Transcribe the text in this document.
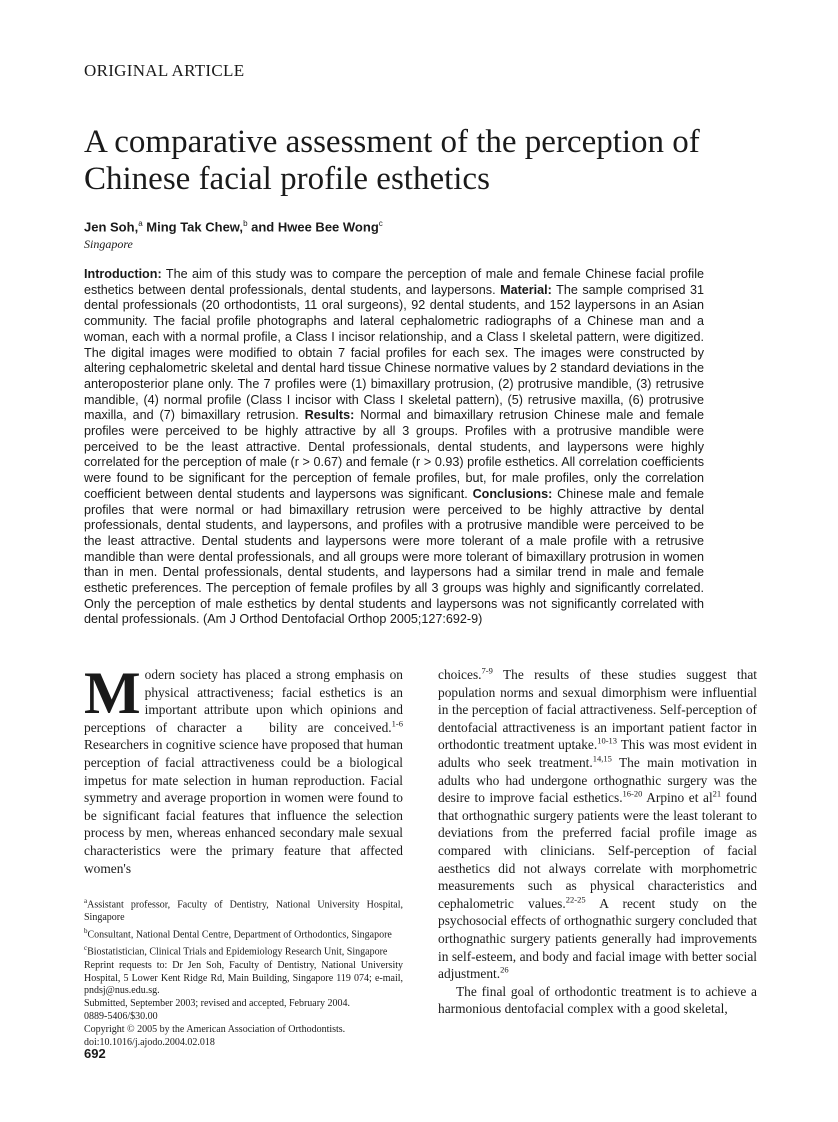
ORIGINAL ARTICLE
A comparative assessment of the perception of Chinese facial profile esthetics
Jen Soh,$^a$ Ming Tak Chew,$^b$ and Hwee Bee Wong$^c$
Singapore
Introduction: The aim of this study was to compare the perception of male and female Chinese facial profile esthetics between dental professionals, dental students, and laypersons. Material: The sample comprised 31 dental professionals (20 orthodontists, 11 oral surgeons), 92 dental students, and 152 laypersons in an Asian community. The facial profile photographs and lateral cephalometric radiographs of a Chinese man and a woman, each with a normal profile, a Class I incisor relationship, and a Class I skeletal pattern, were digitized. The digital images were modified to obtain 7 facial profiles for each sex. The images were constructed by altering cephalometric skeletal and dental hard tissue Chinese normative values by 2 standard deviations in the anteroposterior plane only. The 7 profiles were (1) bimaxillary protrusion, (2) protrusive mandible, (3) retrusive mandible, (4) normal profile (Class I incisor with Class I skeletal pattern), (5) retrusive maxilla, (6) protrusive maxilla, and (7) bimaxillary retrusion. Results: Normal and bimaxillary retrusion Chinese male and female profiles were perceived to be highly attractive by all 3 groups. Profiles with a protrusive mandible were perceived to be the least attractive. Dental professionals, dental students, and laypersons were highly correlated for the perception of male (r > 0.67) and female (r > 0.93) profile esthetics. All correlation coefficients were found to be significant for the perception of female profiles, but, for male profiles, only the correlation coefficient between dental students and laypersons was significant. Conclusions: Chinese male and female profiles that were normal or had bimaxillary retrusion were perceived to be highly attractive by dental professionals, dental students, and laypersons, and profiles with a protrusive mandible were perceived to be the least attractive. Dental students and laypersons were more tolerant of a male profile with a retrusive mandible than were dental professionals, and all groups were more tolerant of bimaxillary protrusion in women than in men. Dental professionals, dental students, and laypersons had a similar trend in male and female esthetic preferences. The perception of female profiles by all 3 groups was highly and significantly correlated. Only the perception of male esthetics by dental students and laypersons was not significantly correlated with dental professionals. (Am J Orthod Dentofacial Orthop 2005;127:692-9)

Modern society has placed a strong emphasis on physical attractiveness; facial esthetics is an important attribute upon which opinions and perceptions of character a  bility are conceived.$^{1-6}$ Researchers in cognitive science have proposed that human perception of facial attractiveness could be a biological impetus for mate selection in human reproduction. Facial symmetry and average proportion in women were found to be significant facial features that influence the selection process by men, whereas enhanced secondary male sexual characteristics were the primary feature that affected women's

$^a$Assistant professor, Faculty of Dentistry, National University Hospital, Singapore
$^b$Consultant, National Dental Centre, Department of Orthodontics, Singapore
$^c$Biostatistician, Clinical Trials and Epidemiology Research Unit, Singapore
Reprint requests to: Dr Jen Soh, Faculty of Dentistry, National University Hospital, 5 Lower Kent Ridge Rd, Main Building, Singapore 119 074; e-mail, pndsj@nus.edu.sg.
Submitted, September 2003; revised and accepted, February 2004.
0889-5406/$30.00
Copyright © 2005 by the American Association of Orthodontists.
doi:10.1016/j.ajodo.2004.02.018
692

choices.$^{7-9}$ The results of these studies suggest that population norms and sexual dimorphism were influential in the perception of facial attractiveness. Self-perception of dentofacial attractiveness is an important patient factor in orthodontic treatment uptake.$^{10-13}$ This was most evident in adults who seek treatment.$^{14,15}$ The main motivation in adults who had undergone orthognathic surgery was the desire to improve facial esthetics.$^{16-20}$ Arpino et $al^{21}$ found that orthognathic surgery patients were the least tolerant to deviations from the preferred facial profile image as compared with clinicians. Self-perception of facial aesthetics did not always correlate with morphometric measurements such as physical characteristics and cephalometric values.$^{22-25}$ A recent study on the psychosocial effects of orthognathic surgery concluded that orthognathic surgery patients generally had improvements in self-esteem, and body and facial image with better social adjustment.$^{26}$

The final goal of orthodontic treatment is to achieve a harmonious dentofacial complex with a good skeletal,
